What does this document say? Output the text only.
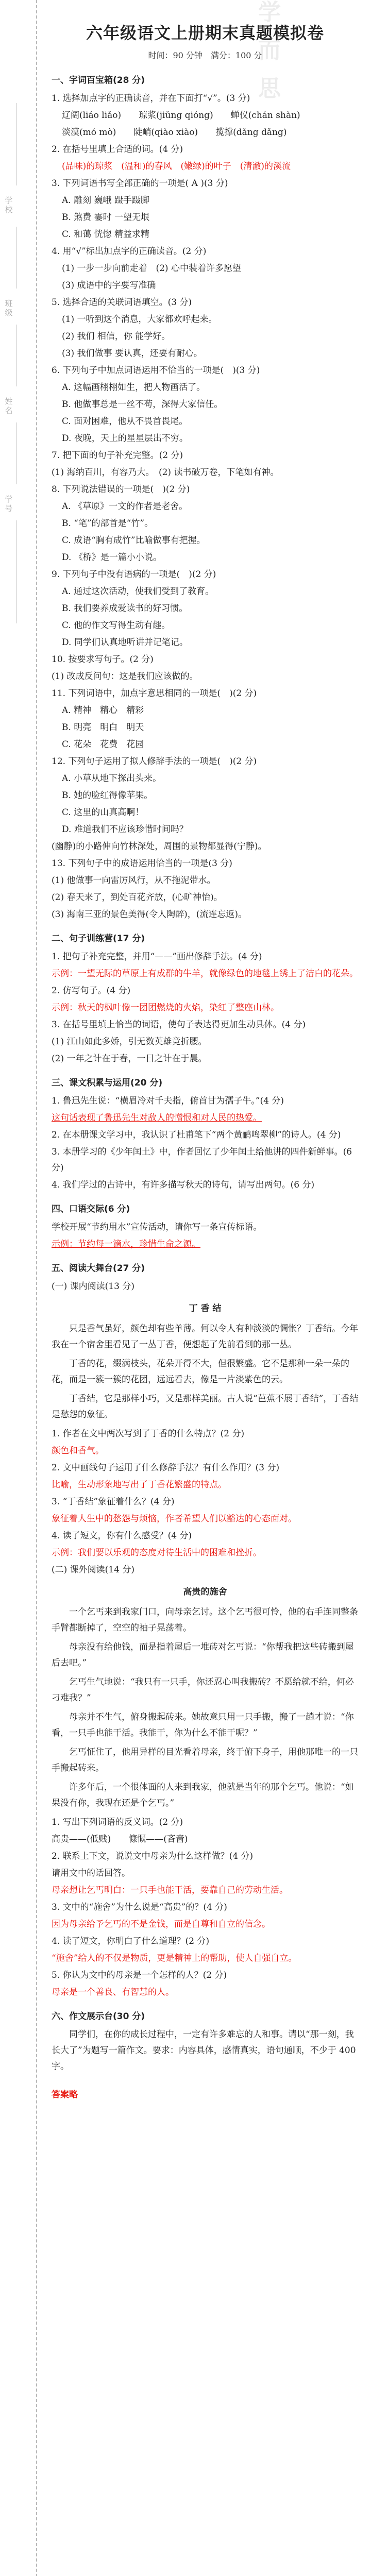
学校
班级
姓名
学号
六年级语文上册期末真题模拟卷
时间：90 分钟　满分：100 分
一、字词百宝箱(28 分)
1. 选择加点字的正确读音，并在下面打“√”。(3 分)
辽阔(liáo liǎo)　　琼浆(jiǔng qióng)　　蝉仪(chán shàn)
淡漠(mó mò)　　陡峭(qiào xiào)　　揽撑(dǎng dǎng)
2. 在括号里填上合适的词。(4 分)
(品味)的琼浆　(温和)的春风　(嫩绿)的叶子　(清澈)的溪流
3. 下列词语书写全部正确的一项是( A )(3 分)
A. 雕刻 巍峨 蹑手蹑脚
B. 煞费 霎时 一望无垠
C. 和蔼 恍惚 精益求精
4. 用“√”标出加点字的正确读音。(2 分)
(1) 一步一步向前走着　(2) 心中装着许多愿望
(3) 成语中的字要写准确
5. 选择合适的关联词语填空。(3 分)
(1) 一听到这个消息，大家都欢呼起来。
(2) 我们 相信，你 能学好。
(3) 我们做事 要认真，还要有耐心。
6. 下列句子中加点词语运用不恰当的一项是(　)(3 分)
A. 这幅画栩栩如生，把人物画活了。
B. 他做事总是一丝不苟，深得大家信任。
C. 面对困难，他从不畏首畏尾。
D. 夜晚，天上的星星层出不穷。
7. 把下面的句子补充完整。(2 分)
(1) 海纳百川，有容乃大。　(2) 读书破万卷，下笔如有神。
8. 下列说法错误的一项是(　)(2 分)
A. 《草原》一文的作者是老舍。
B. “笔”的部首是“竹”。
C. 成语“胸有成竹”比喻做事有把握。
D. 《桥》是一篇小小说。
9. 下列句子中没有语病的一项是(　)(2 分)
A. 通过这次活动，使我们受到了教育。
B. 我们要养成爱读书的好习惯。
C. 他的作文写得生动有趣。
D. 同学们认真地听讲并记笔记。
10. 按要求写句子。(2 分)
(1) 改成反问句：这是我们应该做的。
11. 下列词语中，加点字意思相同的一项是(　)(2 分)
A. 精神　精心　精彩
B. 明亮　明白　明天
C. 花朵　花费　花园
12. 下列句子运用了拟人修辞手法的一项是(　)(2 分)
A. 小草从地下探出头来。
B. 她的脸红得像苹果。
C. 这里的山真高啊！
D. 难道我们不应该珍惜时间吗？
(幽静)的小路伸向竹林深处，周围的景物都显得(宁静)。
13. 下列句子中的成语运用恰当的一项是(3 分)
(1) 他做事一向雷厉风行，从不拖泥带水。
(2) 春天来了，到处百花齐放，(心旷神怡)。
(3) 海南三亚的景色美得(令人陶醉)，(流连忘返)。
二、句子训练营(17 分)
1. 把句子补充完整，并用“——”画出修辞手法。(4 分)
示例：一望无际的草原上有成群的牛羊，就像绿色的地毯上绣上了洁白的花朵。
2. 仿写句子。(4 分)
示例：秋天的枫叶像一团团燃烧的火焰，染红了整座山林。
3. 在括号里填上恰当的词语，使句子表达得更加生动具体。(4 分)
(1) 江山如此多娇，引无数英雄竞折腰。
(2) 一年之计在于春，一日之计在于晨。
三、课文积累与运用(20 分)
1. 鲁迅先生说：“横眉冷对千夫指，俯首甘为孺子牛。”(4 分)
这句话表现了鲁迅先生对敌人的憎恨和对人民的热爱。
2. 在本册课文学习中，我认识了杜甫笔下“两个黄鹂鸣翠柳”的诗人。(4 分)
3. 本册学习的《少年闰土》中，作者回忆了少年闰土给他讲的四件新鲜事。(6 分)
4. 我们学过的古诗中，有许多描写秋天的诗句，请写出两句。(6 分)
四、口语交际(6 分)
学校开展“节约用水”宣传活动，请你写一条宣传标语。
示例：节约每一滴水，珍惜生命之源。
五、阅读大舞台(27 分)
(一) 课内阅读(13 分)
丁 香 结
只是香气虽好，颜色却有些单薄。何以令人有种淡淡的惆怅？丁香结。今年我在一个宿舍里看见了一丛丁香，便想起了先前看到的那一丛。
丁香的花，缀满枝头，花朵开得不大，但很繁盛。它不是那种一朵一朵的花，而是一簇一簇的花团，远远看去，像是一片淡紫色的云。
丁香结，它是那样小巧，又是那样美丽。古人说“芭蕉不展丁香结”，丁香结是愁怨的象征。
1. 作者在文中两次写到了丁香的什么特点？(2 分)
颜色和香气。
2. 文中画线句子运用了什么修辞手法？有什么作用？(3 分)
比喻，生动形象地写出了丁香花繁盛的特点。
3. “丁香结”象征着什么？(4 分)
象征着人生中的愁怨与烦恼，作者希望人们以豁达的心态面对。
4. 读了短文，你有什么感受？(4 分)
示例：我们要以乐观的态度对待生活中的困难和挫折。
(二) 课外阅读(14 分)
高贵的施舍
一个乞丐来到我家门口，向母亲乞讨。这个乞丐很可怜，他的右手连同整条手臂都断掉了，空空的袖子晃荡着。
母亲没有给他钱，而是指着屋后一堆砖对乞丐说：“你帮我把这些砖搬到屋后去吧。”
乞丐生气地说：“我只有一只手，你还忍心叫我搬砖？不愿给就不给，何必刁难我？”
母亲并不生气，俯身搬起砖来。她故意只用一只手搬，搬了一趟才说：“你看，一只手也能干活。我能干，你为什么不能干呢？”
乞丐怔住了，他用异样的目光看着母亲，终于俯下身子，用他那唯一的一只手搬起砖来。
许多年后，一个很体面的人来到我家，他就是当年的那个乞丐。他说：“如果没有你，我现在还是个乞丐。”
1. 写出下列词语的反义词。(2 分)
高贵——(低贱)　　慷慨——(吝啬)
2. 联系上下文，说说文中母亲为什么这样做？(4 分)
请用文中的话回答。
母亲想让乞丐明白：一只手也能干活，要靠自己的劳动生活。
3. 文中的“施舍”为什么说是“高贵”的？(4 分)
因为母亲给予乞丐的不是金钱，而是自尊和自立的信念。
4. 读了短文，你明白了什么道理？(2 分)
“施舍”给人的不仅是物质，更是精神上的帮助，使人自强自立。
5. 你认为文中的母亲是一个怎样的人？(2 分)
母亲是一个善良、有智慧的人。
六、作文展示台(30 分)
同学们，在你的成长过程中，一定有许多难忘的人和事。请以“那一刻，我长大了”为题写一篇作文。要求：内容具体，感情真实，语句通顺，不少于 400 字。
答案略
学而思
